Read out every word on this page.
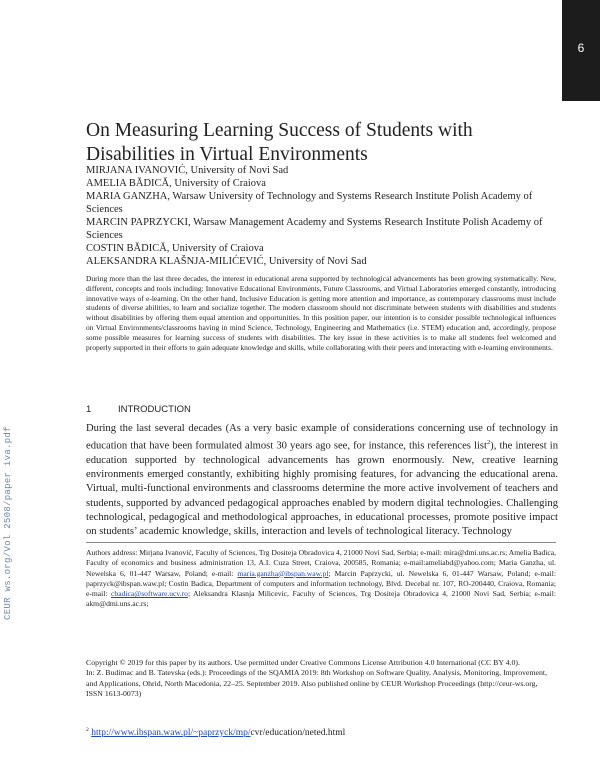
6
CEUR ws.org/Vol 2508/paper iva.pdf
On Measuring Learning Success of Students with Disabilities in Virtual Environments
MIRJANA IVANOVIĆ, University of Novi Sad
AMELIA BĂDICĂ, University of Craiova
MARIA GANZHA, Warsaw University of Technology and Systems Research Institute Polish Academy of Sciences
MARCIN PAPRZYCKI, Warsaw Management Academy and Systems Research Institute Polish Academy of Sciences
COSTIN BĂDICĂ, University of Craiova
ALEKSANDRA KLAŠNJA-MILIĆEVIĆ, University of Novi Sad
During more than the last three decades, the interest in educational arena supported by technological advancements has been growing systematically. New, different, concepts and tools including: Innovative Educational Environments, Future Classrooms, and Virtual Laboratories emerged constantly, introducing innovative ways of e-learning. On the other hand, Inclusive Education is getting more attention and importance, as contemporary classrooms must include students of diverse abilities, to learn and socialize together. The modern classroom should not discriminate between students with disabilities and students without disabilities by offering them equal attention and opportunities. In this position paper, our intention is to consider possible technological influences on Virtual Environments/classrooms having in mind Science, Technology, Engineering and Mathematics (i.e. STEM) education and, accordingly, propose some possible measures for learning success of students with disabilities. The key issue in these activities is to make all students feel welcomed and properly supported in their efforts to gain adequate knowledge and skills, while collaborating with their peers and interacting with e-learning environments.
1	INTRODUCTION
During the last several decades (As a very basic example of considerations concerning use of technology in education that have been formulated almost 30 years ago see, for instance, this references list$^2$), the interest in education supported by technological advancements has grown enormously. New, creative learning environments emerged constantly, exhibiting highly promising features, for advancing the educational arena. Virtual, multi-functional environments and classrooms determine the more active involvement of teachers and students, supported by advanced pedagogical approaches enabled by modern digital technologies. Challenging technological, pedagogical and methodological approaches, in educational processes, promote positive impact on students’ academic knowledge, skills, interaction and levels of technological literacy. Technology
Authors address: Mirjana Ivanović, Faculty of Sciences, Trg Dositeja Obradovica 4, 21000 Novi Sad, Serbia; e-mail: mira@dmi.uns.ac.rs; Amelia Badica, Faculty of economics and business administration 13, A.I. Cuza Street, Craiova, 200585, Romania; e-mail:ameliabd@yahoo.com; Maria Ganzha, ul. Newelska 6, 01-447 Warsaw, Poland; e-mail: maria.ganzha@ibspan.waw.pl; Marcin Paprzycki, ul. Newelska 6, 01-447 Warsaw, Poland; e-mail: paprzyck@ibspan.waw.pl; Costin Badica, Department of computers and information technology, Blvd. Decebal nr. 107, RO-200440, Craiova, Romania; e-mail: cbadica@software.ucv.ro; Aleksandra Klasnja Milicevic, Faculty of Sciences, Trg Dositeja Obradovica 4, 21000 Novi Sad, Serbia; e-mail: akm@dmi.uns.ac.rs;
Copyright © 2019 for this paper by its authors. Use permitted under Creative Commons License Attribution 4.0 International (CC BY 4.0).
In: Z. Budimac and B. Tatevska (eds.): Proceedings of the SQAMIA 2019: 8th Workshop on Software Quality, Analysis, Monitoring, Improvement, and Applications, Ohrid, North Macedonia, 22–25. September 2019. Also published online by CEUR Workshop Proceedings (http://ceur-ws.org, ISSN 1613-0073)
$^2$ http://www.ibspan.waw.pl/~paprzyck/mp/cvr/education/neted.html
